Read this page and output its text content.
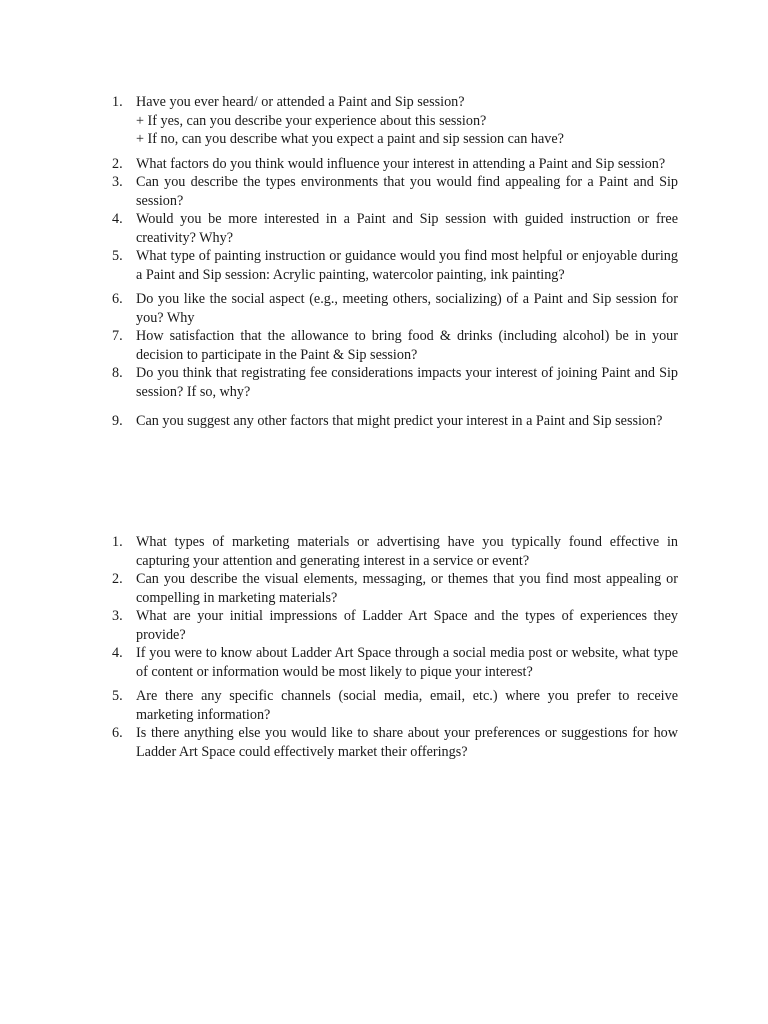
1. Have you ever heard/ or attended a Paint and Sip session?
+ If yes, can you describe your experience about this session?
+ If no, can you describe what you expect a paint and sip session can have?
2. What factors do you think would influence your interest in attending a Paint and Sip session?
3. Can you describe the types environments that you would find appealing for a Paint and Sip session?
4. Would you be more interested in a Paint and Sip session with guided instruction or free creativity? Why?
5. What type of painting instruction or guidance would you find most helpful or enjoyable during a Paint and Sip session: Acrylic painting, watercolor painting, ink painting?
6. Do you like the social aspect (e.g., meeting others, socializing) of a Paint and Sip session for you? Why
7. How satisfaction that the allowance to bring food & drinks (including alcohol) be in your decision to participate in the Paint & Sip session?
8. Do you think that registrating fee considerations impacts your interest of joining Paint and Sip session? If so, why?
9. Can you suggest any other factors that might predict your interest in a Paint and Sip session?
1. What types of marketing materials or advertising have you typically found effective in capturing your attention and generating interest in a service or event?
2. Can you describe the visual elements, messaging, or themes that you find most appealing or compelling in marketing materials?
3. What are your initial impressions of Ladder Art Space and the types of experiences they provide?
4. If you were to know about Ladder Art Space through a social media post or website, what type of content or information would be most likely to pique your interest?
5. Are there any specific channels (social media, email, etc.) where you prefer to receive marketing information?
6. Is there anything else you would like to share about your preferences or suggestions for how Ladder Art Space could effectively market their offerings?
